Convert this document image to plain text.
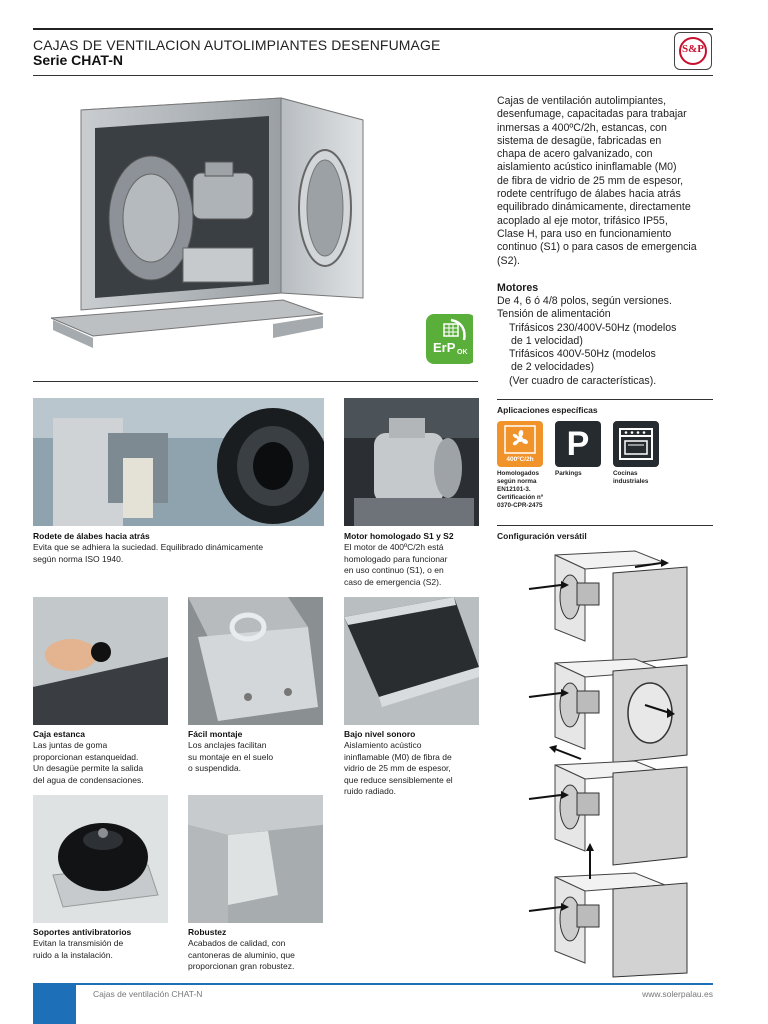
CAJAS DE VENTILACION AUTOLIMPIANTES DESENFUMAGE
Serie CHAT-N
S&P
ErP OK
Cajas de ventilación autolimpiantes,
desenfumage, capacitadas para trabajar
inmersas a 400ºC/2h, estancas, con
sistema de desagüe, fabricadas en
chapa de acero galvanizado, con
aislamiento acústico ininflamable (M0)
de fibra de vidrio de 25 mm de espesor,
rodete centrífugo de álabes hacia atrás
equilibrado dinámicamente, directamente
acoplado al eje motor, trifásico IP55,
Clase H, para uso en funcionamiento
continuo (S1) o para casos de emergencia
(S2).
Motores
De 4, 6 ó 4/8 polos, según versiones.
Tensión de alimentación
Trifásicos 230/400V-50Hz (modelos
de 1 velocidad)
Trifásicos 400V-50Hz (modelos
de 2 velocidades)
(Ver cuadro de características).
Aplicaciones específicas
400ºC/2h P
Homologados
según norma
EN12101-3.
Certificación nº
0370-CPR-2475
Parkings	Cocinas
industriales
Configuración versátil
Rodete de álabes hacia atrás
Evita que se adhiera la suciedad. Equilibrado dinámicamente
según norma ISO 1940.
Motor homologado S1 y S2
El motor de 400ºC/2h está
homologado para funcionar
en uso continuo (S1), o en
caso de emergencia (S2).
Caja estanca
Las juntas de goma
proporcionan estanqueidad.
Un desagüe permite la salida
del agua de condensaciones.
Fácil montaje
Los anclajes facilitan
su montaje en el suelo
o suspendida.
Bajo nivel sonoro
Aislamiento acústico
ininflamable (M0) de fibra de
vidrio de 25 mm de espesor,
que reduce sensiblemente el
ruido radiado.
Soportes antivibratorios
Evitan la transmisión de
ruido a la instalación.
Robustez
Acabados de calidad, con
cantoneras de aluminio, que
proporcionan gran robustez.
Cajas de ventilación CHAT-N	www.solerpalau.es
